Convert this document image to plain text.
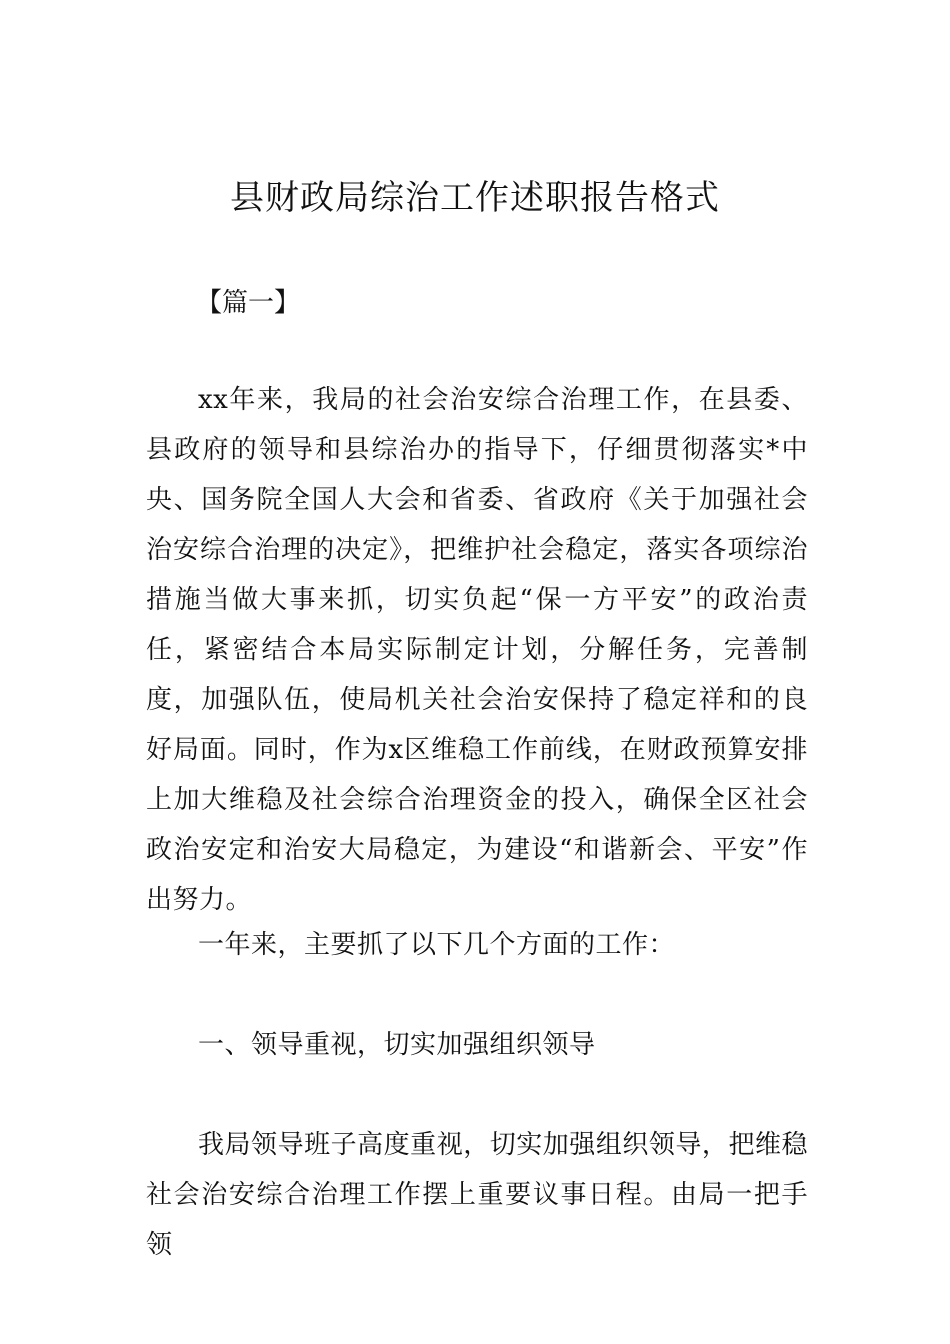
县财政局综治工作述职报告格式

【篇一】

xx年来，我局的社会治安综合治理工作，在县委、县政府的领导和县综治办的指导下，仔细贯彻落实*中央、国务院全国人大会和省委、省政府《关于加强社会治安综合治理的决定》，把维护社会稳定，落实各项综治措施当做大事来抓，切实负起“保一方平安”的政治责任，紧密结合本局实际制定计划，分解任务，完善制度，加强队伍，使局机关社会治安保持了稳定祥和的良好局面。同时，作为x区维稳工作前线，在财政预算安排上加大维稳及社会综合治理资金的投入，确保全区社会政治安定和治安大局稳定，为建设“和谐新会、平安”作出努力。

一年来，主要抓了以下几个方面的工作：

一、领导重视，切实加强组织领导

我局领导班子高度重视，切实加强组织领导，把维稳社会治安综合治理工作摆上重要议事日程。由局一把手领
